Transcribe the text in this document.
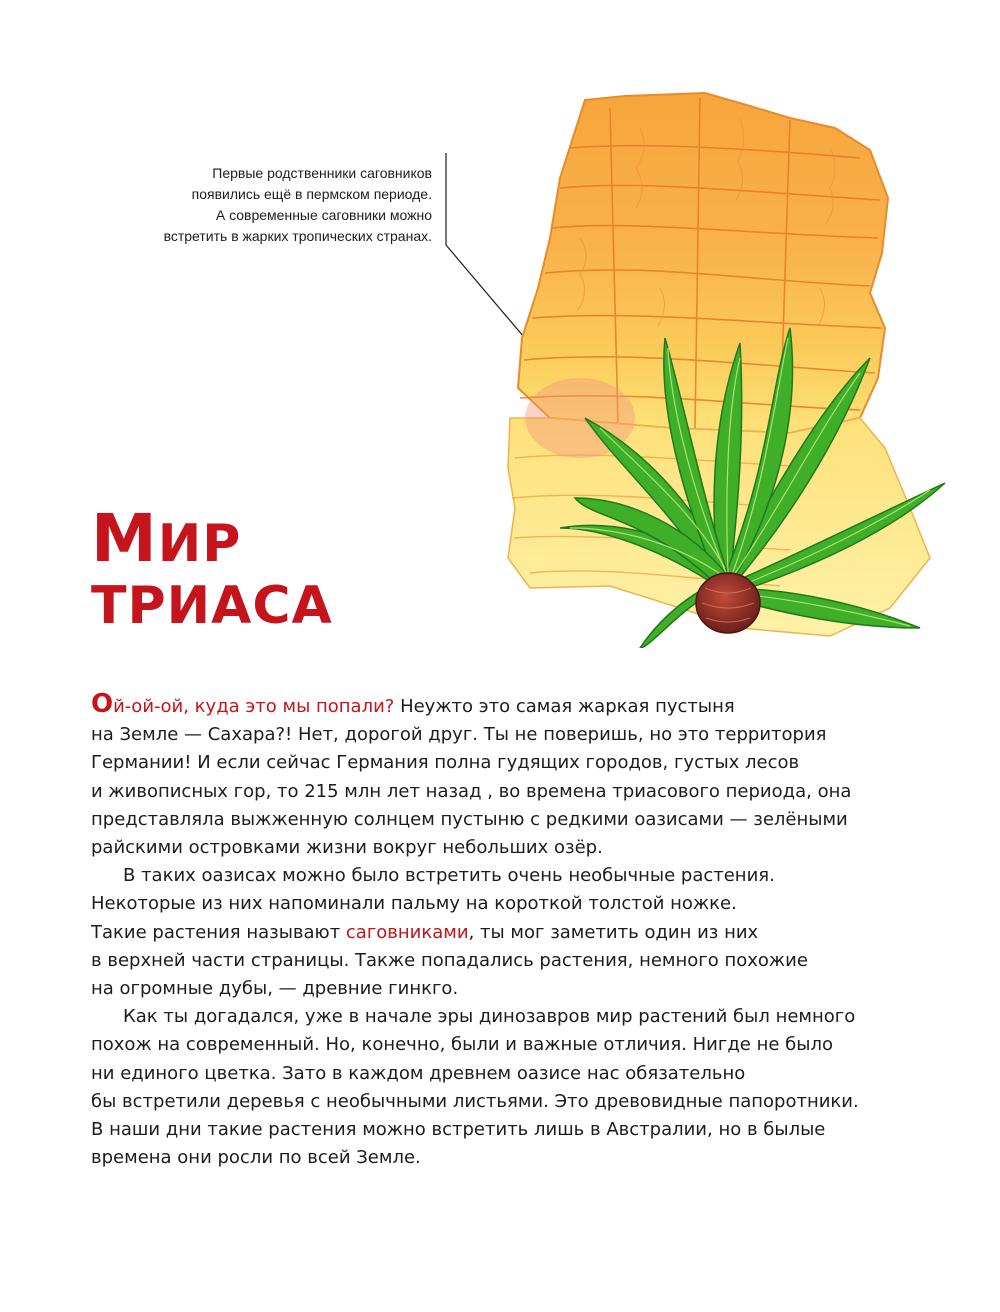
Первые родственники саговников
появились ещё в пермском периоде.
А современные саговники можно
встретить в жарких тропических странах.

МИР
ТРИАСА
Ой-ой-ой, куда это мы попали? Неужто это самая жаркая пустыня
на Земле — Сахара?! Нет, дорогой друг. Ты не поверишь, но это территория
Германии! И если сейчас Германия полна гудящих городов, густых лесов
и живописных гор, то 215 млн лет назад , во времена триасового периода, она
представляла выжженную солнцем пустыню с редкими оазисами — зелёными
райскими островками жизни вокруг небольших озёр.
В таких оазисах можно было встретить очень необычные растения.
Некоторые из них напоминали пальму на короткой толстой ножке.
Такие растения называют саговниками, ты мог заметить один из них
в верхней части страницы. Также попадались растения, немного похожие
на огромные дубы, — древние гинкго.
Как ты догадался, уже в начале эры динозавров мир растений был немного
похож на современный. Но, конечно, были и важные отличия. Нигде не было
ни единого цветка. Зато в каждом древнем оазисе нас обязательно
бы встретили деревья с необычными листьями. Это древовидные папоротники.
В наши дни такие растения можно встретить лишь в Австралии, но в былые
времена они росли по всей Земле.
